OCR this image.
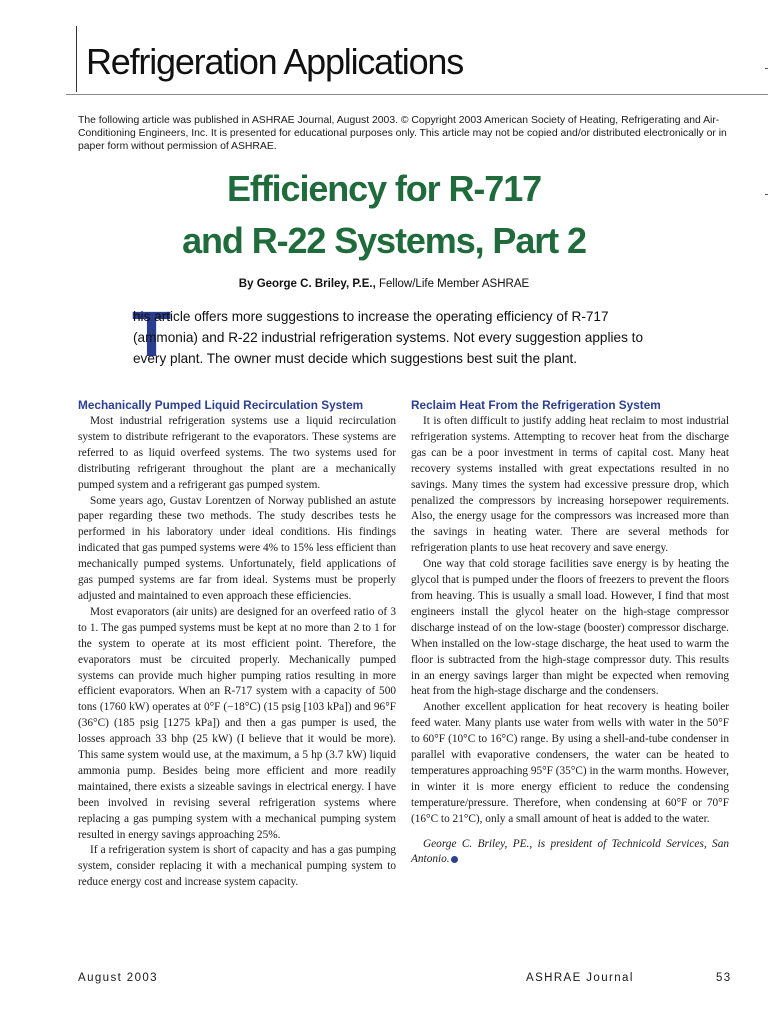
Refrigeration Applications

The following article was published in ASHRAE Journal, August 2003. © Copyright 2003 American Society of Heating, Refrigerating and Air-Conditioning Engineers, Inc. It is presented for educational purposes only. This article may not be copied and/or distributed electronically or in paper form without permission of ASHRAE.

Efficiency for R-717
and R-22 Systems, Part 2

By George C. Briley, P.E., Fellow/Life Member ASHRAE

T

his article offers more suggestions to increase the operating efficiency of R-717 (ammonia) and R-22 industrial refrigeration systems. Not every suggestion applies to every plant. The owner must decide which suggestions best suit the plant.

Mechanically Pumped Liquid Recirculation System

Most industrial refrigeration systems use a liquid recirculation system to distribute refrigerant to the evaporators. These systems are referred to as liquid overfeed systems. The two systems used for distributing refrigerant throughout the plant are a mechanically pumped system and a refrigerant gas pumped system.

Some years ago, Gustav Lorentzen of Norway published an astute paper regarding these two methods. The study describes tests he performed in his laboratory under ideal conditions. His findings indicated that gas pumped systems were 4% to 15% less efficient than mechanically pumped systems. Unfortunately, field applications of gas pumped systems are far from ideal. Systems must be properly adjusted and maintained to even approach these efficiencies.

Most evaporators (air units) are designed for an overfeed ratio of 3 to 1. The gas pumped systems must be kept at no more than 2 to 1 for the system to operate at its most efficient point. Therefore, the evaporators must be circuited properly. Mechanically pumped systems can provide much higher pumping ratios resulting in more efficient evaporators. When an R-717 system with a capacity of 500 tons (1760 kW) operates at 0°F (−18°C) (15 psig [103 kPa]) and 96°F (36°C) (185 psig [1275 kPa]) and then a gas pumper is used, the losses approach 33 bhp (25 kW) (I believe that it would be more). This same system would use, at the maximum, a 5 hp (3.7 kW) liquid ammonia pump. Besides being more efficient and more readily maintained, there exists a sizeable savings in electrical energy. I have been involved in revising several refrigeration systems where replacing a gas pumping system with a mechanical pumping system resulted in energy savings approaching 25%.

If a refrigeration system is short of capacity and has a gas pumping system, consider replacing it with a mechanical pumping system to reduce energy cost and increase system capacity.

Reclaim Heat From the Refrigeration System

It is often difficult to justify adding heat reclaim to most industrial refrigeration systems. Attempting to recover heat from the discharge gas can be a poor investment in terms of capital cost. Many heat recovery systems installed with great expectations resulted in no savings. Many times the system had excessive pressure drop, which penalized the compressors by increasing horsepower requirements. Also, the energy usage for the compressors was increased more than the savings in heating water. There are several methods for refrigeration plants to use heat recovery and save energy.

One way that cold storage facilities save energy is by heating the glycol that is pumped under the floors of freezers to prevent the floors from heaving. This is usually a small load. However, I find that most engineers install the glycol heater on the high-stage compressor discharge instead of on the low-stage (booster) compressor discharge. When installed on the low-stage discharge, the heat used to warm the floor is subtracted from the high-stage compressor duty. This results in an energy savings larger than might be expected when removing heat from the high-stage discharge and the condensers.

Another excellent application for heat recovery is heating boiler feed water. Many plants use water from wells with water in the 50°F to 60°F (10°C to 16°C) range. By using a shell-and-tube condenser in parallel with evaporative condensers, the water can be heated to temperatures approaching 95°F (35°C) in the warm months. However, in winter it is more energy efficient to reduce the condensing temperature/pressure. Therefore, when condensing at 60°F or 70°F (16°C to 21°C), only a small amount of heat is added to the water.

George C. Briley, PE., is president of Technicold Services, San Antonio.

August 2003	ASHRAE Journal	53
